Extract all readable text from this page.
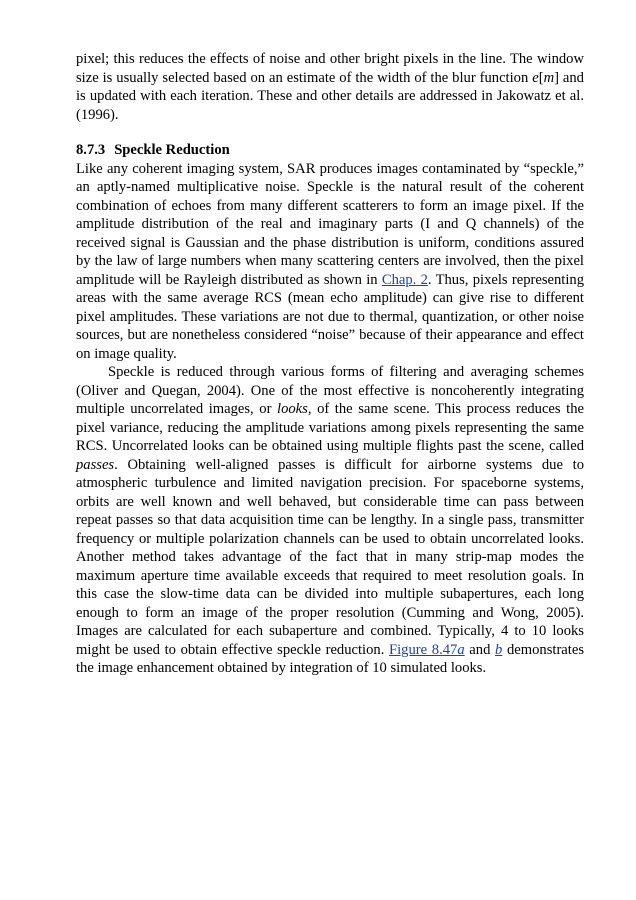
pixel; this reduces the effects of noise and other bright pixels in the line. The window size is usually selected based on an estimate of the width of the blur function e[m] and is updated with each iteration. These and other details are addressed in Jakowatz et al. (1996).

8.7.3 Speckle Reduction

Like any coherent imaging system, SAR produces images contaminated by “speckle,” an aptly-named multiplicative noise. Speckle is the natural result of the coherent combination of echoes from many different scatterers to form an image pixel. If the amplitude distribution of the real and imaginary parts (I and Q channels) of the received signal is Gaussian and the phase distribution is uniform, conditions assured by the law of large numbers when many scattering centers are involved, then the pixel amplitude will be Rayleigh distributed as shown in Chap. 2. Thus, pixels representing areas with the same average RCS (mean echo amplitude) can give rise to different pixel amplitudes. These variations are not due to thermal, quantization, or other noise sources, but are nonetheless considered “noise” because of their appearance and effect on image quality.

Speckle is reduced through various forms of filtering and averaging schemes (Oliver and Quegan, 2004). One of the most effective is noncoherently integrating multiple uncorrelated images, or looks, of the same scene. This process reduces the pixel variance, reducing the amplitude variations among pixels representing the same RCS. Uncorrelated looks can be obtained using multiple flights past the scene, called passes. Obtaining well-aligned passes is difficult for airborne systems due to atmospheric turbulence and limited navigation precision. For spaceborne systems, orbits are well known and well behaved, but considerable time can pass between repeat passes so that data acquisition time can be lengthy. In a single pass, transmitter frequency or multiple polarization channels can be used to obtain uncorrelated looks. Another method takes advantage of the fact that in many strip-map modes the maximum aperture time available exceeds that required to meet resolution goals. In this case the slow-time data can be divided into multiple subapertures, each long enough to form an image of the proper resolution (Cumming and Wong, 2005). Images are calculated for each subaperture and combined. Typically, 4 to 10 looks might be used to obtain effective speckle reduction. Figure 8.47a and b demonstrates the image enhancement obtained by integration of 10 simulated looks.
